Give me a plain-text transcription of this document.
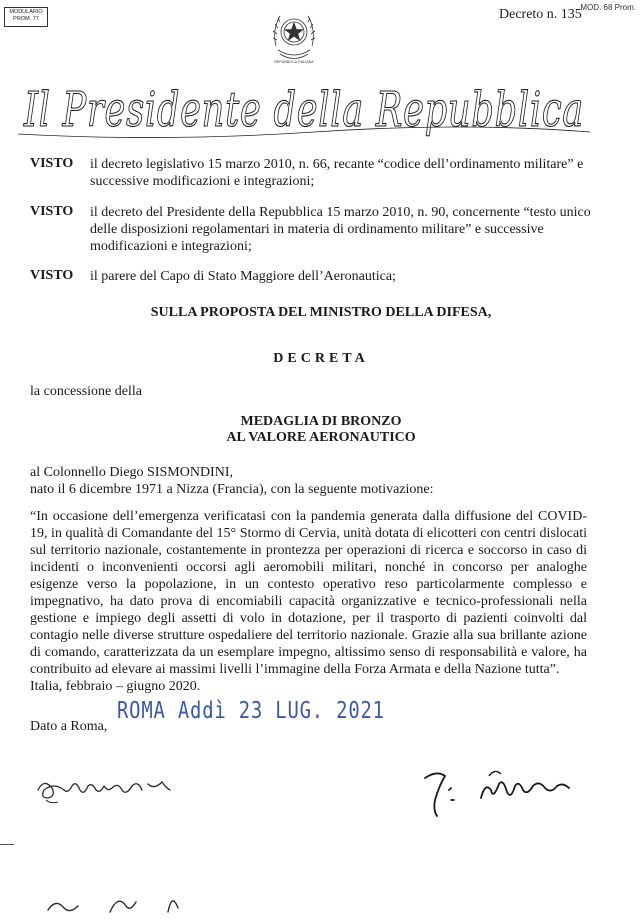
MODULARIO
PROM. 77
MOD. 68 Prom.
Decreto n. 135
REPUBBLICA ITALIANA
Il Presidente della Repubblica
VISTO il decreto legislativo 15 marzo 2010, n. 66, recante “codice dell’ordinamento militare” e successive modificazioni e integrazioni;
VISTO il decreto del Presidente della Repubblica 15 marzo 2010, n. 90, concernente “testo unico delle disposizioni regolamentari in materia di ordinamento militare” e successive modificazioni e integrazioni;
VISTO il parere del Capo di Stato Maggiore dell’Aeronautica;
SULLA PROPOSTA DEL MINISTRO DELLA DIFESA,
DECRETA
la concessione della
MEDAGLIA DI BRONZO
AL VALORE AERONAUTICO
al Colonnello Diego SISMONDINI,
nato il 6 dicembre 1971 a Nizza (Francia), con la seguente motivazione:
“In occasione dell’emergenza verificatasi con la pandemia generata dalla diffusione del COVID-19, in qualità di Comandante del 15° Stormo di Cervia, unità dotata di elicotteri con centri dislocati sul territorio nazionale, costantemente in prontezza per operazioni di ricerca e soccorso in caso di incidenti o inconvenienti occorsi agli aeromobili militari, nonché in concorso per analoghe esigenze verso la popolazione, in un contesto operativo reso particolarmente complesso e impegnativo, ha dato prova di encomiabili capacità organizzative e tecnico-professionali nella gestione e impiego degli assetti di volo in dotazione, per il trasporto di pazienti coinvolti dal contagio nelle diverse strutture ospedaliere del territorio nazionale. Grazie alla sua brillante azione di comando, caratterizzata da un esemplare impegno, altissimo senso di responsabilità e valore, ha contribuito ad elevare ai massimi livelli l’immagine della Forza Armata e della Nazione tutta”.
Italia, febbraio – giugno 2020.
Dato a Roma,
ROMA Addì 23 LUG. 2021
